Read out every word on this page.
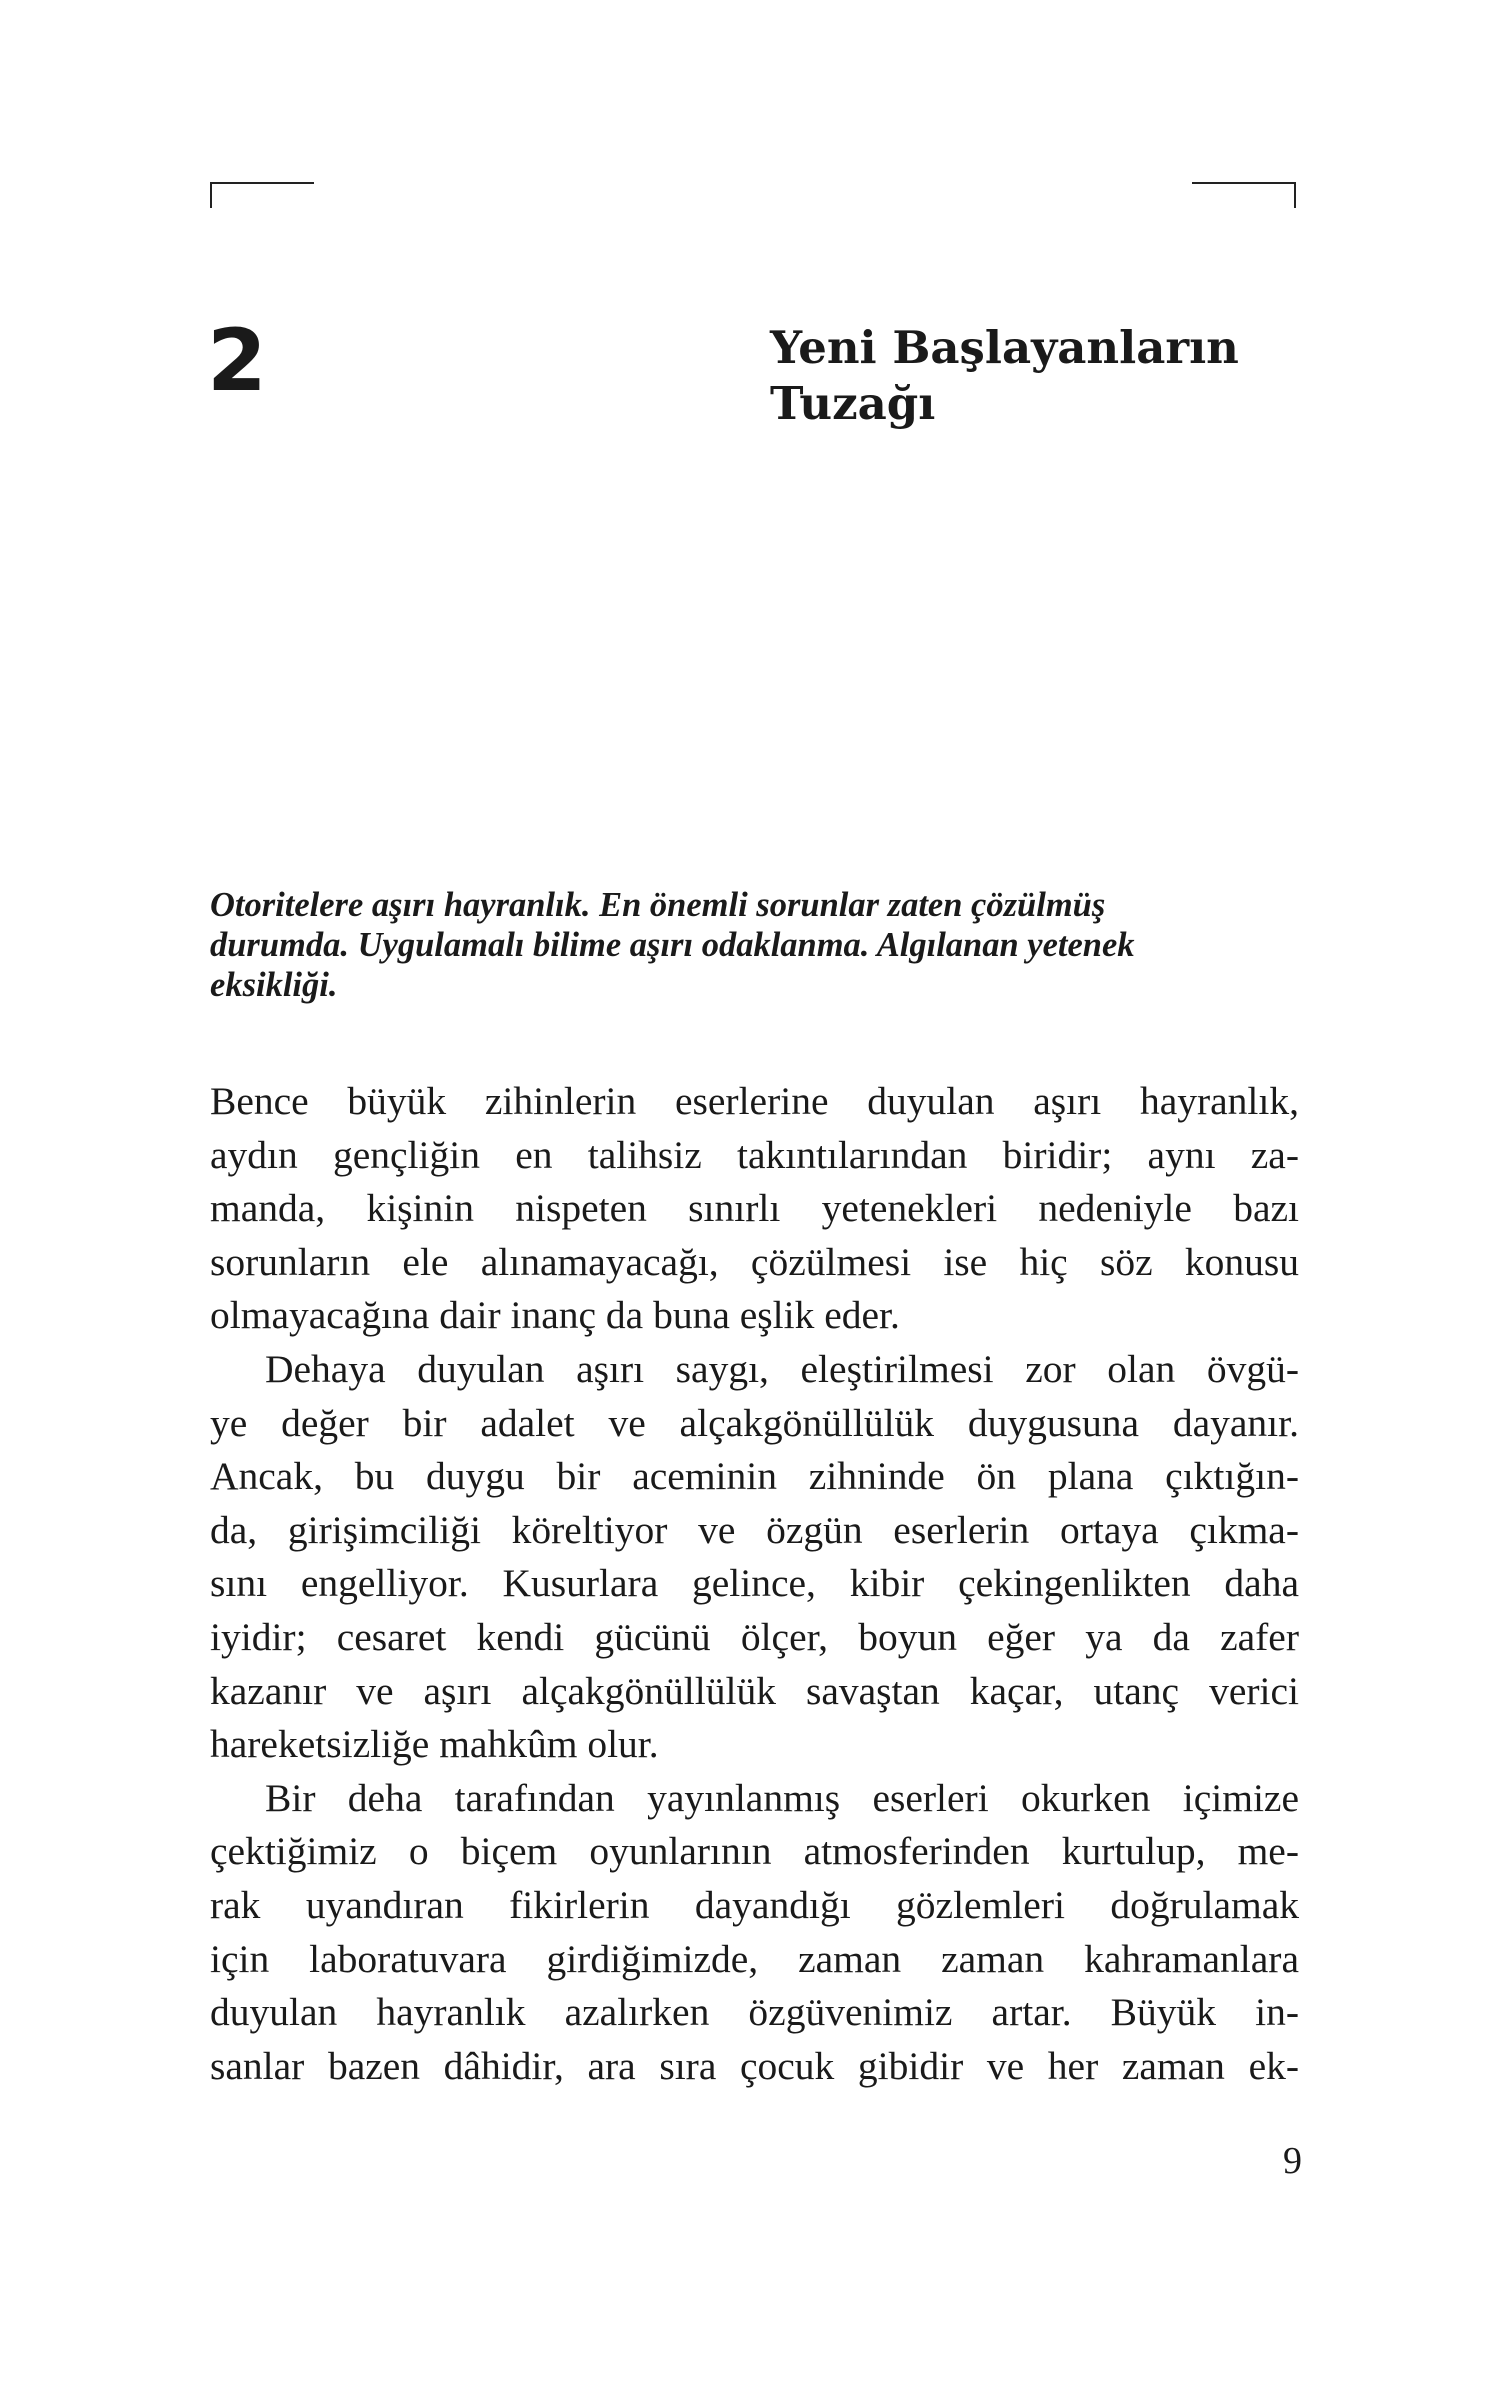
2	Yeni Başlayanların
Tuzağı
Otoritelere aşırı hayranlık. En önemli sorunlar zaten çözülmüş
durumda. Uygulamalı bilime aşırı odaklanma. Algılanan yetenek
eksikliği.
Bence büyük zihinlerin eserlerine duyulan aşırı hayranlık,
aydın gençliğin en talihsiz takıntılarından biridir; aynı za-
manda, kişinin nispeten sınırlı yetenekleri nedeniyle bazı
sorunların ele alınamayacağı, çözülmesi ise hiç söz konusu
olmayacağına dair inanç da buna eşlik eder.
Dehaya duyulan aşırı saygı, eleştirilmesi zor olan övgü-
ye değer bir adalet ve alçakgönüllülük duygusuna dayanır.
Ancak, bu duygu bir aceminin zihninde ön plana çıktığın-
da, girişimciliği köreltiyor ve özgün eserlerin ortaya çıkma-
sını engelliyor. Kusurlara gelince, kibir çekingenlikten daha
iyidir; cesaret kendi gücünü ölçer, boyun eğer ya da zafer
kazanır ve aşırı alçakgönüllülük savaştan kaçar, utanç verici
hareketsizliğe mahkûm olur.
Bir deha tarafından yayınlanmış eserleri okurken içimize
çektiğimiz o biçem oyunlarının atmosferinden kurtulup, me-
rak uyandıran fikirlerin dayandığı gözlemleri doğrulamak
için laboratuvara girdiğimizde, zaman zaman kahramanlara
duyulan hayranlık azalırken özgüvenimiz artar. Büyük in-
sanlar bazen dâhidir, ara sıra çocuk gibidir ve her zaman ek-
9
